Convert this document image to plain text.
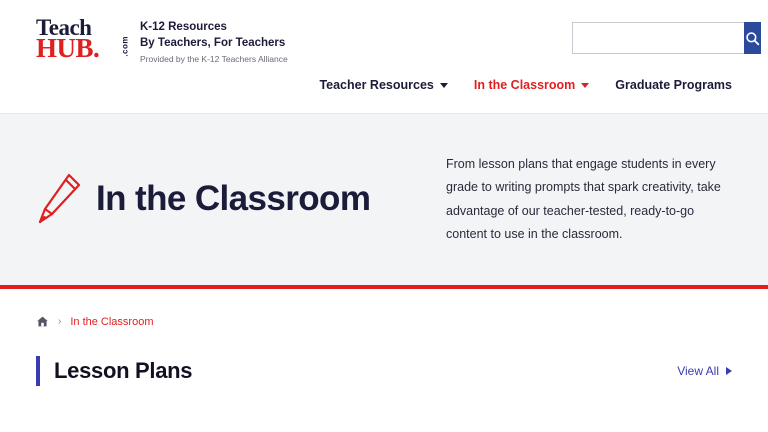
Teach
HUB.	.com
K-12 Resources
By Teachers, For Teachers
Provided by the K-12 Teachers Alliance
Teacher Resources	In the Classroom	Graduate Programs
In the Classroom
From lesson plans that engage students in every grade to writing prompts that spark creativity, take advantage of our teacher-tested, ready-to-go content to use in the classroom.
› In the Classroom
Lesson Plans	View All
